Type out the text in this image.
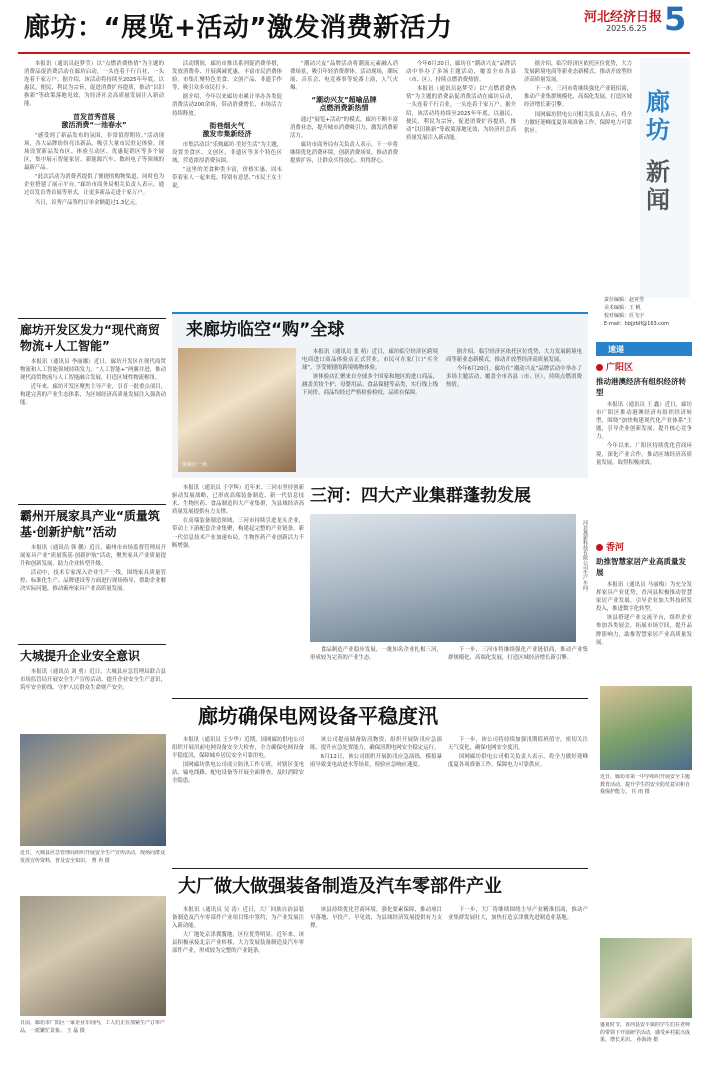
廊坊：“展览+活动”激发消费新活力	河北经济日报
2025.6.25 5

本报讯（通讯员赵梦莹）以“点燃消费热情”为主题的消费品促消费活动在廊坊启动，一头连着千行百业，一头连着千家万户。据介绍，该活动将持续至2025年年底，以惠民、便民、利民为宗旨，促进消费扩容提质，推动“以旧换新”等政策落地见效，为经济社会高质量发展注入新动能。

首发首秀首展
激活消费“一池春水”

“感受到了新品发布的氛围，非常值得期待。”活动现场，各大品牌纷纷亮出新品，吸引大量市民驻足体验。现场设置新品发布区、体验互动区、优惠促销区等多个展区，集中展示智能家居、新能源汽车、数码电子等领域的最新产品。

“此次活动为消费者提供了便捷的购物渠道，同时也为企业搭建了展示平台。”廊坊市商务局相关负责人表示，通过首发首秀首展等形式，让更多新品走进千家万户。

当日，首秀产品签约订单金额超过1.3亿元。

活动期间，廊坊市推出系列促消费举措，发放消费券、开展满减优惠，丰富市民消费体验。市集汇聚特色美食、文创产品、非遗手作等，吸引众多市民打卡。

据介绍，今年以来廊坊市累计举办各类促消费活动200余场，带动消费增长，市场活力持续释放。

街巷烟火气
激发市集新经济

市集活动以“乐购廊坊·美好生活”为主题，设置美食区、文创区、非遗区等多个特色区域，营造浓厚消费氛围。

“这里的美食种类丰富，价格实惠，周末带着家人一起来逛，特别有意思。”市民王女士说。

“潮动兴友”品牌活动将潮流元素融入消费场景，吸引年轻消费群体。活动现场，潮玩展、音乐会、电竞赛事等轮番上演，人气火爆。

“潮动兴友”超喻品牌
点燃消费新热情

通过“展览+活动”的模式，廊坊不断丰富消费业态，提升城市消费吸引力，激发消费新活力。

廊坊市商务局有关负责人表示，下一步将继续优化消费环境，创新消费场景，推动消费提质扩容，让群众买得放心、用得舒心。

今年6月20日，廊坊在“潮动兴友”品牌活动中举办了多场主题活动，覆盖全市各县（市、区），持续点燃消费热情。

本报讯（通讯员赵梦莹）以“点燃消费热情”为主题的消费品促消费活动在廊坊启动，一头连着千行百业，一头连着千家万户。据介绍，该活动将持续至2025年年底，以惠民、便民、利民为宗旨，促进消费扩容提质，推动“以旧换新”等政策落地见效，为经济社会高质量发展注入新动能。

据介绍，临空经济区依托区位优势，大力发展跨境电商等新业态新模式，推动开放型经济高质量发展。

下一步，三河市将继续强化产业链招商，推动产业集群规模化、高端化发展，打造区域经济增长新引擎。

国网廊坊供电公司相关负责人表示，将全力做好迎峰度夏各项准备工作，保障电力可靠供应。

廊
坊
新
闻
责任编辑：赵亚男
美术编辑：王 帆
校对编辑：任飞宇
E-mail：hbjjrblf@163.com
速递
广阳区
推动港澳经济有组织经济转型

本报讯（通讯员 王 鑫）近日，廊坊市广阳区推动港澳经济有组织经济转型，围绕“加快构建现代化产业体系”主题，引导企业创新发展，提升核心竞争力。

今年以来，广阳区持续优化营商环境，深化产业合作，推动区域经济高质量发展，取得积极成效。

香河
助推智慧家居产业高质量发展

本报讯（通讯员 马丽梅）为充分发挥家具产业优势，香河县积极推动智慧家居产业发展，引导企业加大科技研发投入，推进数字化转型。

该县搭建产业交流平台，组织企业参加各类展会，拓展市场空间，提升品牌影响力，助推智慧家居产业高质量发展。

近日，廊坊市第一中学组织开展安全主题教育活动，提升学生的安全防范意识和自我保护能力。 任 雨 摄
盛夏时节，香河县安平镇的学生们在老师的带领下开展研学活动，感受乡村振兴成果，增长见识。 孙海涛 摄
廊坊开发区发力“现代商贸物流+人工智能”

本报讯（通讯员 李丽娜）近日，廊坊开发区在现代商贸物流和人工智能领域持续发力，“人工智能+”两翼并进，推动现代商贸物流与人工智能融合发展，打造区域性物流枢纽。

近年来，廊坊开发区聚焦主导产业，引育一批重点项目，构建完善的产业生态体系，为区域经济高质量发展注入强劲动能。

霸州开展家具产业“质量筑基·创新护航”活动

本报讯（通讯员 韩 鹏）近日，霸州市市场监督管理局开展家具产业“质量筑基·创新护航”活动，聚焦家具产业质量提升和创新发展，助力企业转型升级。

活动中，技术专家深入企业生产一线，围绕家具质量管控、标准化生产、品牌建设等方面进行现场指导，帮助企业解决实际问题，推动霸州家具产业高质量发展。

大城提升企业安全意识

本报讯（通讯员 刘 勇）近日，大城县应急管理局联合县市场监管局开展安全生产宣传活动，提升企业安全生产意识，筑牢安全防线，守护人民群众生命财产安全。

近日，大城县应急管理局组织开展安全生产宣传活动，现场向群众发放宣传资料，普及安全知识。 曹 冉 摄
日前，廊坊市广阳区一家企业车间内，工人们正在加紧生产订单产品，一派繁忙景象。 王 磊 摄
来廊坊临空“购”全球
免税店一角。

本报讯（通讯员 张 萌）近日，廊坊临空经济区跨境电商进口商品体验店正式营业，市民可在家门口“买全球”，享受便捷的跨境购物体验。

该体验店汇聚来自全球多个国家和地区的进口商品，涵盖美妆个护、母婴用品、食品保健等品类，实行线上线下同价，商品均经过严格检验检疫，品质有保障。

据介绍，临空经济区依托区位优势，大力发展跨境电商等新业态新模式，推动开放型经济高质量发展。

今年6月20日，廊坊在“潮动兴友”品牌活动中举办了多场主题活动，覆盖全市各县（市、区），持续点燃消费热情。

本报讯（通讯员 于学辉）近年来，三河市坚持创新驱动发展战略，已形成高端装备制造、新一代信息技术、生物医药、食品制造四大产业集群，为县域经济高质量发展提供有力支撑。

在高端装备制造领域，三河市持续引进龙头企业，带动上下游配套企业集聚，构建起完整的产业链条。新一代信息技术产业加速布局，生物医药产业创新活力不断增强。

三河：四大产业集群蓬勃发展
河北燕新科技有限公司生产车间。

食品制造产业稳步发展，一批知名企业扎根三河，形成较为完善的产业生态。

下一步，三河市将继续强化产业链招商，推动产业集群规模化、高端化发展，打造区域经济增长新引擎。

廊坊确保电网设备平稳度汛

本报讯（通讯员 王少华）近期，国网廊坊供电公司组织开展汛前电网设备安全大检查，全力确保电网设备平稳度汛，保障城乡居民安全可靠用电。

国网廊坊供电公司成立防汛工作专班，对辖区变电站、输电线路、配电设备等开展全面排查，及时消除安全隐患。

该公司提前储备防汛物资，组织开展防汛应急演练，提升应急处置能力，确保汛期电网安全稳定运行。

6月12日，该公司组织开展防汛应急演练，模拟暴雨导致变电站进水等场景，检验应急响应速度。

下一步，该公司将持续加强汛期值班值守，密切关注天气变化，确保电网安全度汛。

国网廊坊供电公司相关负责人表示，将全力做好迎峰度夏各项准备工作，保障电力可靠供应。

大厂做大做强装备制造及汽车零部件产业

本报讯（通讯员 吴 涛）近日，大厂回族自治县装备制造及汽车零部件产业项目集中签约，为产业发展注入新动能。

大厂地处京津冀腹地，区位优势明显。近年来，该县积极承接北京产业转移，大力发展装备制造及汽车零部件产业，形成较为完整的产业链条。

该县持续优化营商环境，强化要素保障，推动项目早落地、早投产、早见效，为县域经济发展提供有力支撑。

下一步，大厂将继续围绕主导产业精准招商，推动产业集群发展壮大，加快打造京津冀先进制造业基地。
